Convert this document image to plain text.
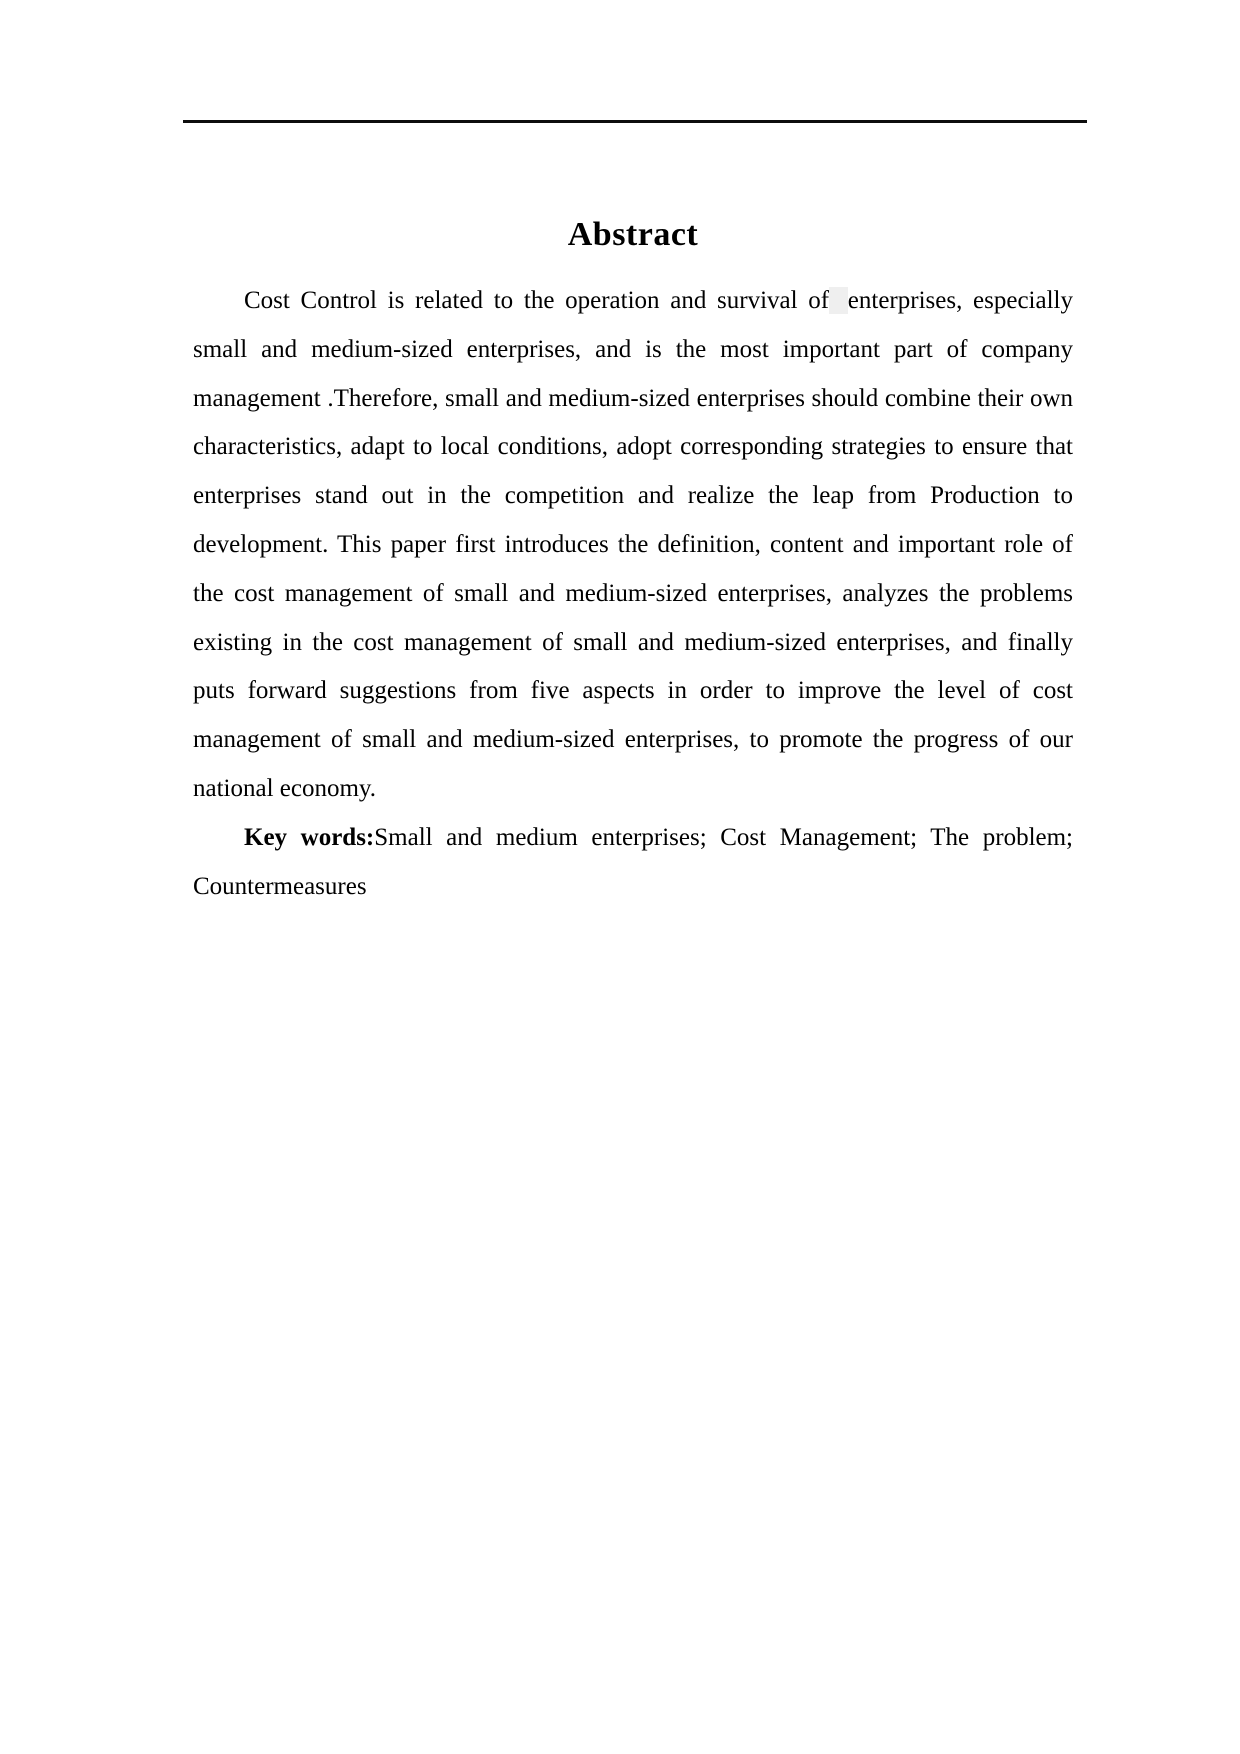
Abstract

Cost Control is related to the operation and survival of enterprises, especially small and medium-sized enterprises, and is the most important part of company management .Therefore, small and medium-sized enterprises should combine their own characteristics, adapt to local conditions, adopt corresponding strategies to ensure that enterprises stand out in the competition and realize the leap from Production to development. This paper first introduces the definition, content and important role of the cost management of small and medium-sized enterprises, analyzes the problems existing in the cost management of small and medium-sized enterprises, and finally puts forward suggestions from five aspects in order to improve the level of cost management of small and medium-sized enterprises, to promote the progress of our national economy.

Key words:Small and medium enterprises; Cost Management; The problem; Countermeasures
